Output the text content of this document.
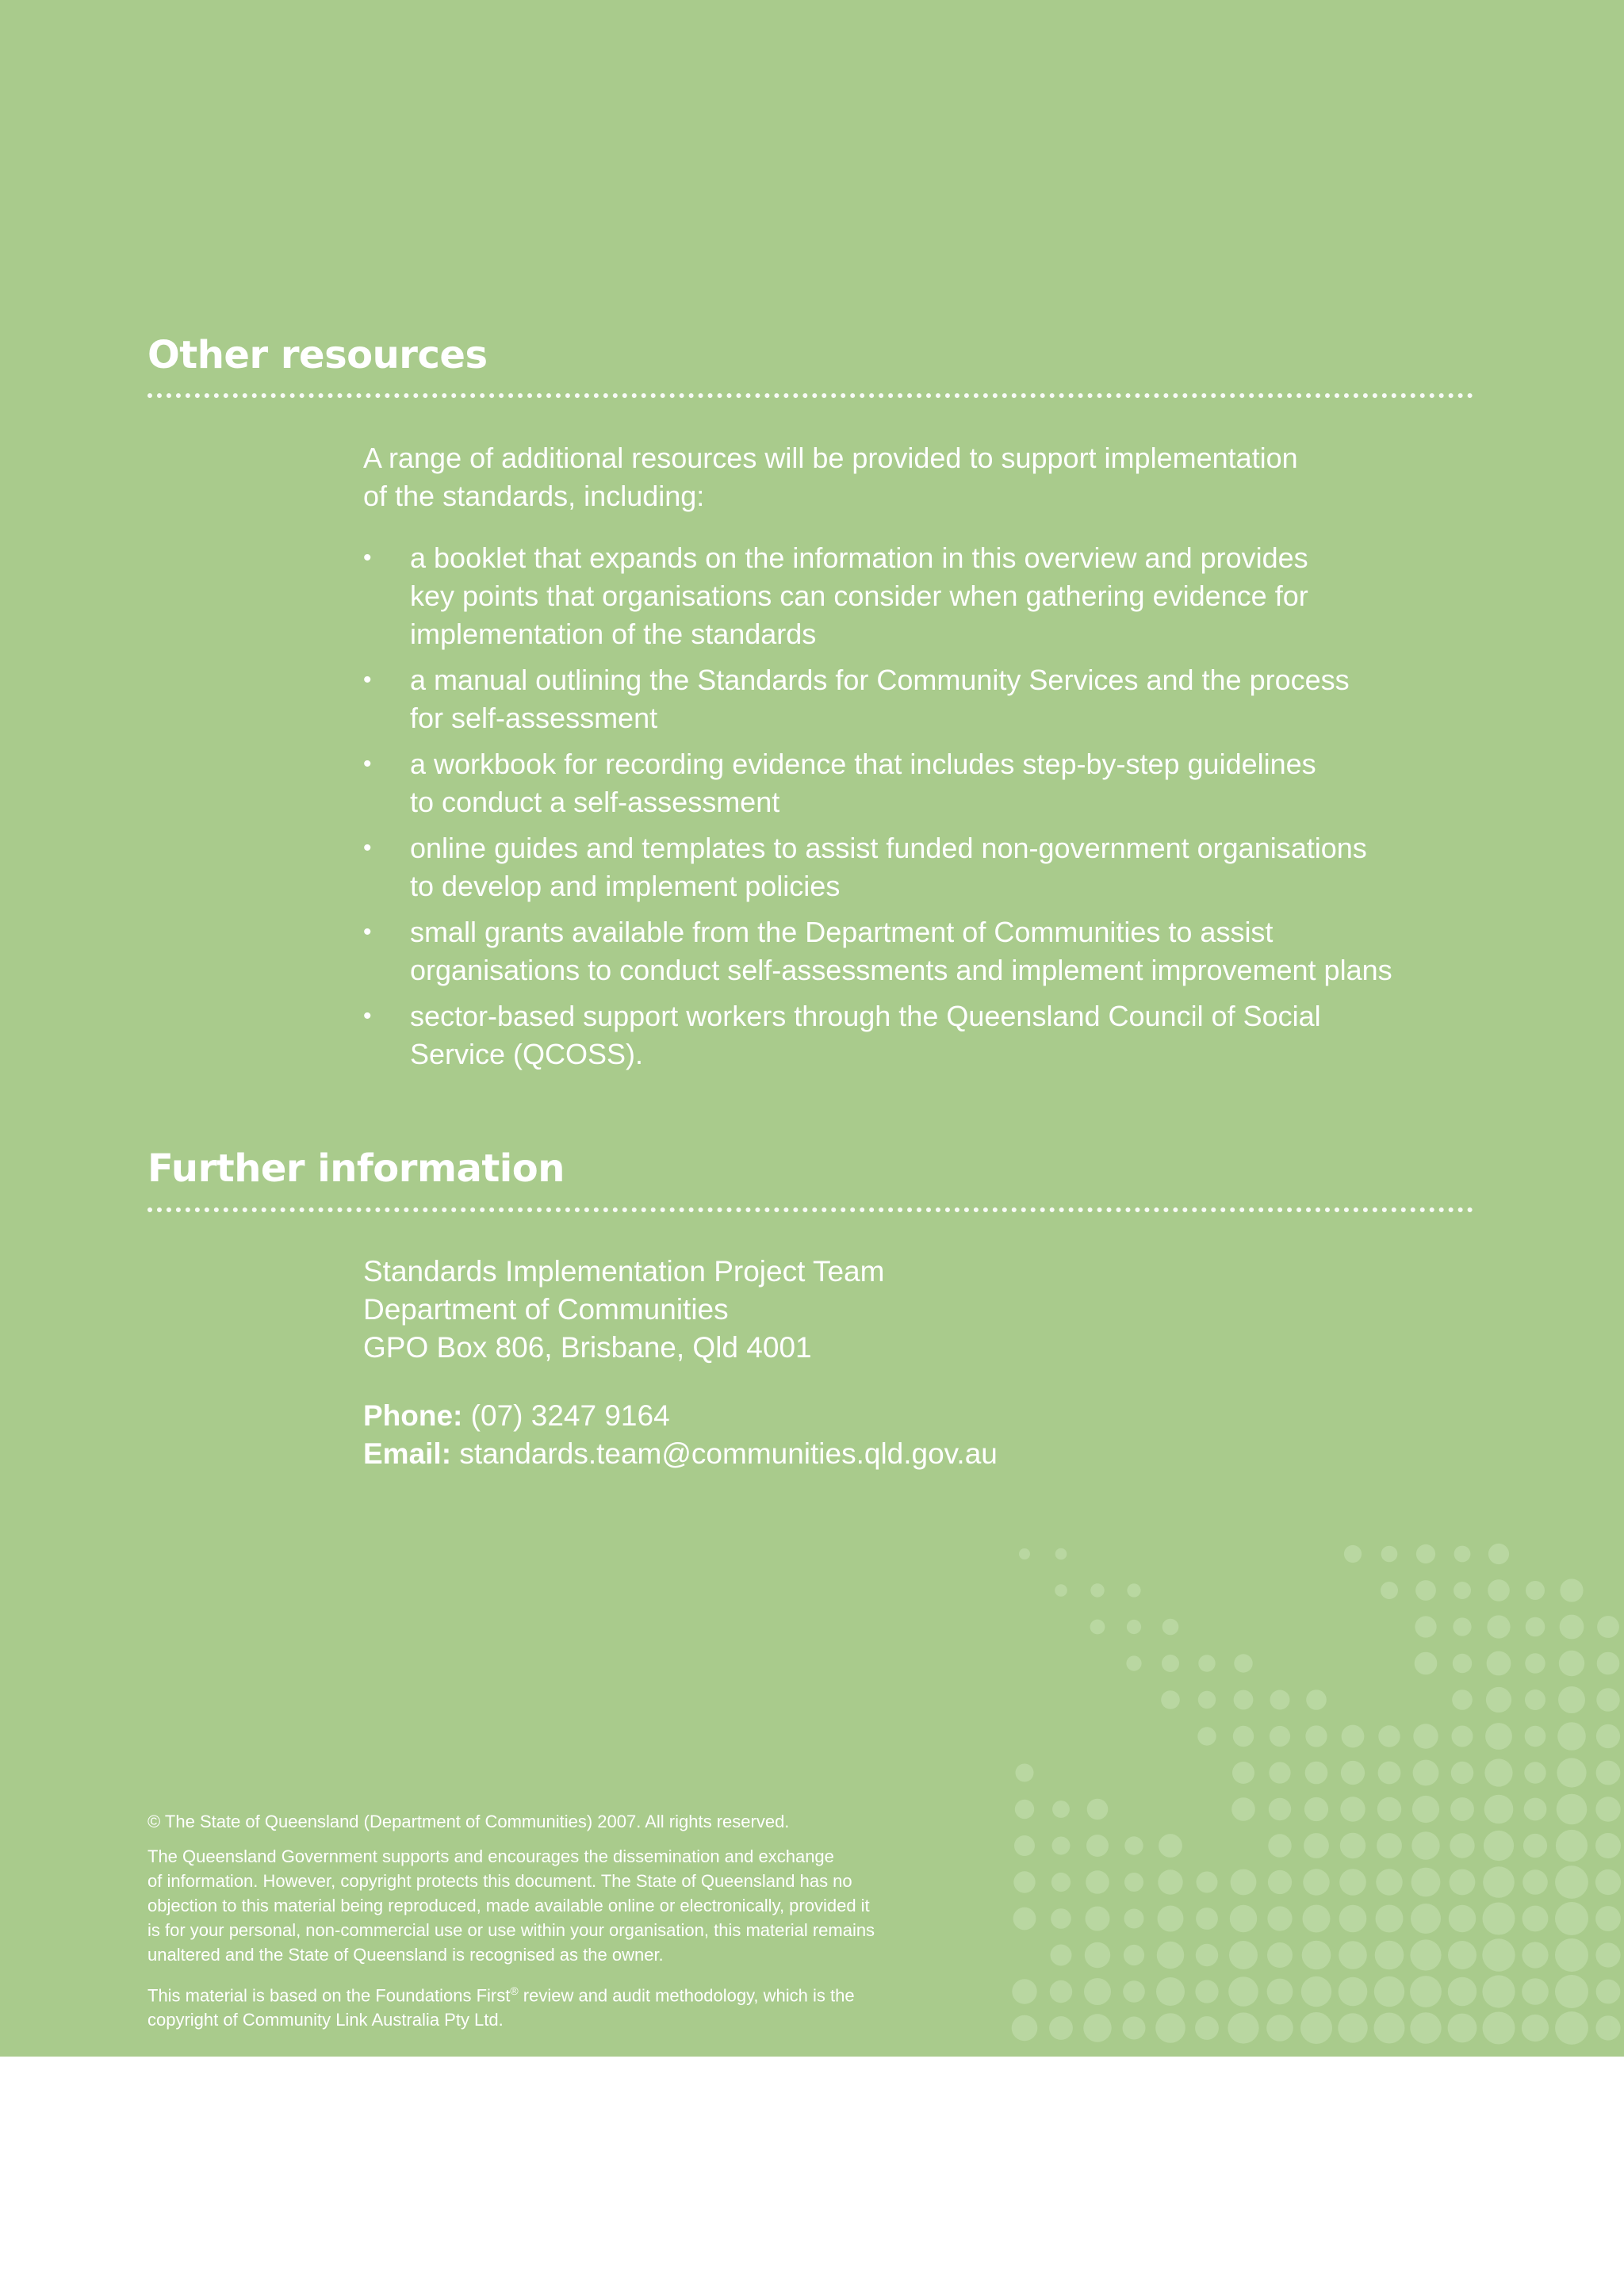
Other resources

A range of additional resources will be provided to support implementation
of the standards, including:

• a booklet that expands on the information in this overview and provides
key points that organisations can consider when gathering evidence for
implementation of the standards
• a manual outlining the Standards for Community Services and the process
for self-assessment
• a workbook for recording evidence that includes step-by-step guidelines
to conduct a self-assessment
• online guides and templates to assist funded non-government organisations
to develop and implement policies
• small grants available from the Department of Communities to assist
organisations to conduct self-assessments and implement improvement plans
• sector-based support workers through the Queensland Council of Social
Service (QCOSS).
Further information

Standards Implementation Project Team
Department of Communities
GPO Box 806, Brisbane, Qld 4001

Phone: (07) 3247 9164
Email: standards.team@communities.qld.gov.au

© The State of Queensland (Department of Communities) 2007. All rights reserved.

The Queensland Government supports and encourages the dissemination and exchange
of information. However, copyright protects this document. The State of Queensland has no
objection to this material being reproduced, made available online or electronically, provided it
is for your personal, non-commercial use or use within your organisation, this material remains
unaltered and the State of Queensland is recognised as the owner.

This material is based on the Foundations First® review and audit methodology, which is the
copyright of Community Link Australia Pty Ltd.
